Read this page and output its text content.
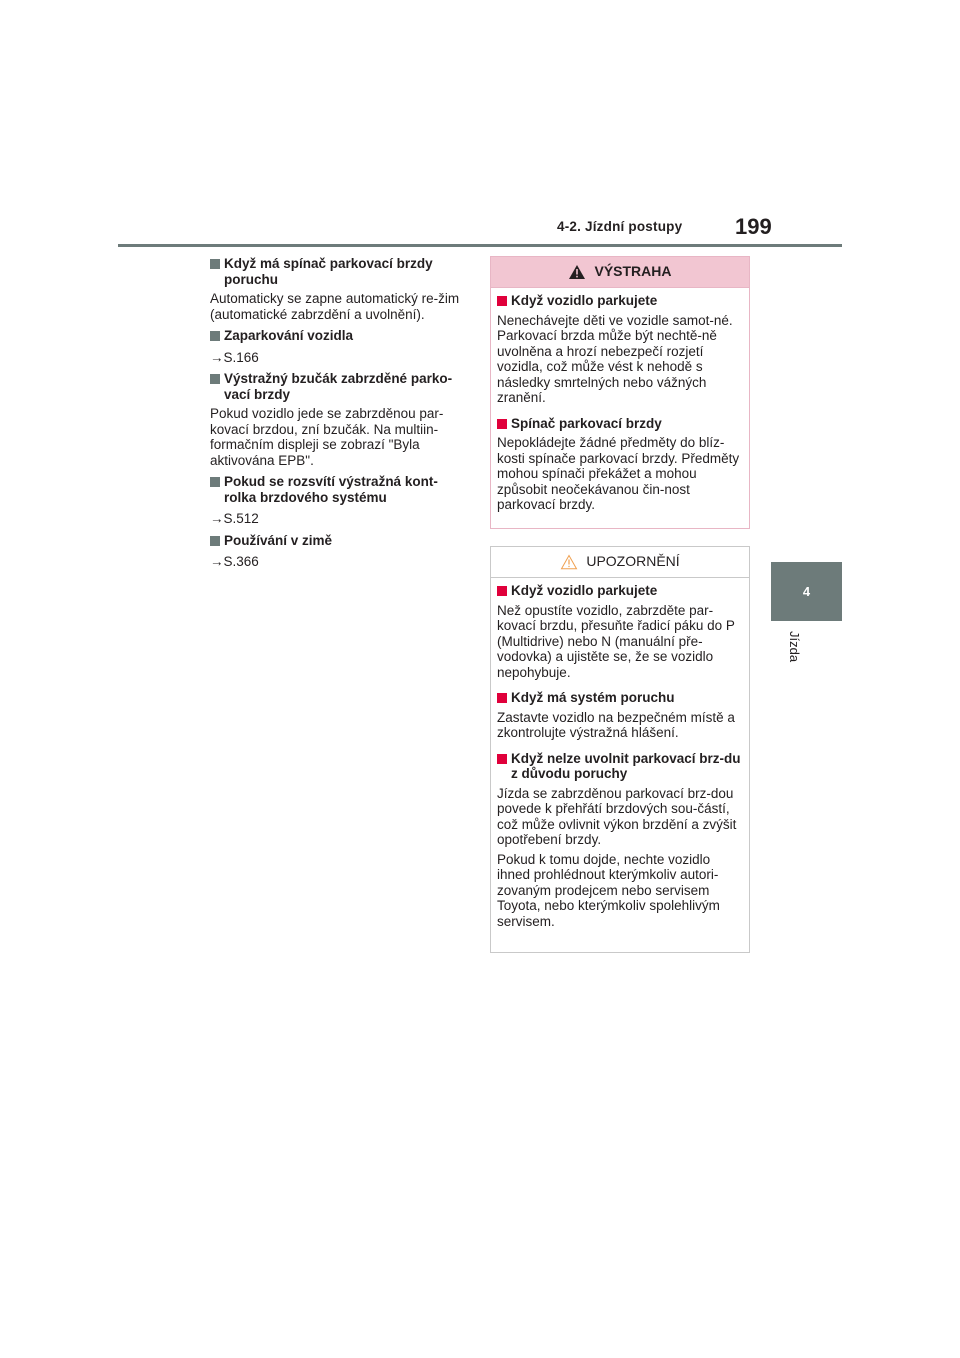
4-2. Jízdní postupy 199
4
Jízda
Když má spínač parkovací brzdy poruchu
Automaticky se zapne automatický re-žim (automatické zabrzdění a uvolnění).
Zaparkování vozidla
→S.166
Výstražný bzučák zabrzděné parko-vací brzdy
Pokud vozidlo jede se zabrzděnou par-kovací brzdou, zní bzučák. Na multiin-formačním displeji se zobrazí "Byla aktivována EPB".
Pokud se rozsvítí výstražná kont-rolka brzdového systému
→S.512
Používání v zimě
→S.366
VÝSTRAHA
Když vozidlo parkujete
Nenechávejte děti ve vozidle samot-né. Parkovací brzda může být nechtě-ně uvolněna a hrozí nebezpečí rozjetí vozidla, což může vést k nehodě s následky smrtelných nebo vážných zranění.
Spínač parkovací brzdy
Nepokládejte žádné předměty do blíz-kosti spínače parkovací brzdy. Předměty mohou spínači překážet a mohou způsobit neočekávanou čin-nost parkovací brzdy.
UPOZORNĚNÍ
Když vozidlo parkujete
Než opustíte vozidlo, zabrzděte par-kovací brzdu, přesuňte řadicí páku do P (Multidrive) nebo N (manuální pře-vodovka) a ujistěte se, že se vozidlo nepohybuje.
Když má systém poruchu
Zastavte vozidlo na bezpečném místě a zkontrolujte výstražná hlášení.
Když nelze uvolnit parkovací brz-du z důvodu poruchy
Jízda se zabrzděnou parkovací brz-dou povede k přehřátí brzdových sou-částí, což může ovlivnit výkon brzdění a zvýšit opotřebení brzdy.
Pokud k tomu dojde, nechte vozidlo ihned prohlédnout kterýmkoliv autori-zovaným prodejcem nebo servisem Toyota, nebo kterýmkoliv spolehlivým servisem.
